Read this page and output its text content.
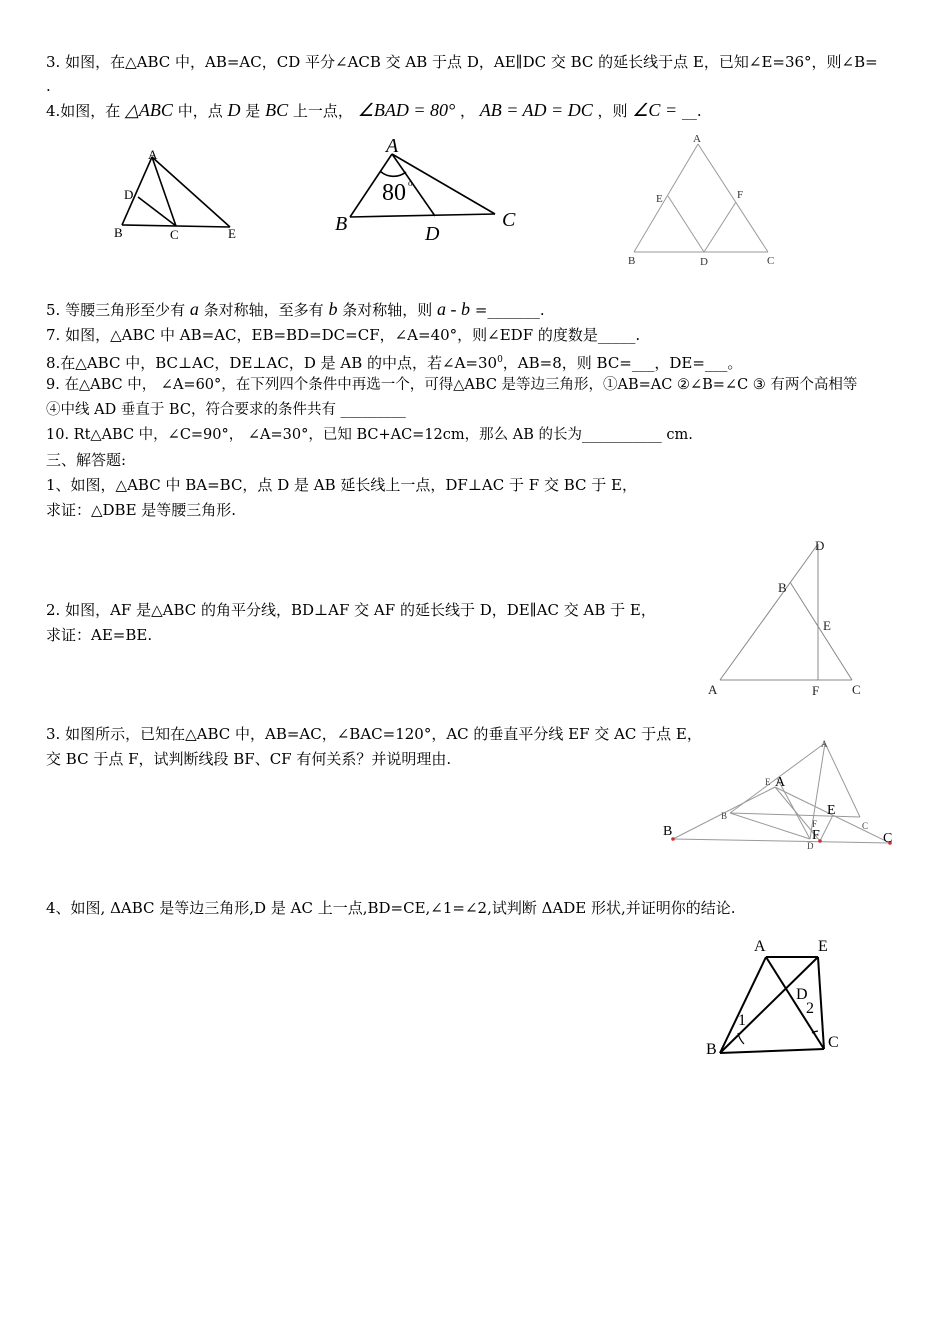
3. 如图，在△ABC 中，AB=AC，CD 平分∠ACB 交 AB 于点 D，AE∥DC 交 BC 的延长线于点 E，已知∠E=36°，则∠B=
.
4.如图，在 △ABC 中，点 D 是 BC 上一点， ∠BAD = 80° ， AB = AD = DC ，则 ∠C = __.
A
D
B	C	E
A
B	D
C
80 o
A
E	F
B	D	C
5. 等腰三角形至少有 a 条对称轴，至多有 b 条对称轴，则 a - b =_______.
7. 如图，△ABC 中 AB=AC，EB=BD=DC=CF，∠A=40°，则∠EDF 的度数是_____.
8.在△ABC 中，BC⊥AC，DE⊥AC，D 是 AB 的中点，若$\angle A=30^0$，AB=8，则 BC=___，DE=___。
9. 在△ABC 中， ∠A=60°，在下列四个条件中再选一个，可得△ABC 是等边三角形，①AB=AC ②∠B=∠C ③ 有两个高相等
④中线 AD 垂直于 BC，符合要求的条件共有 _________
10. Rt△ABC 中，∠C=90°， ∠A=30°，已知 BC+AC=12cm，那么 AB 的长为___________ cm.
三、解答题:
1、如图，△ABC 中 BA=BC，点 D 是 AB 延长线上一点，DF⊥AC 于 F 交 BC 于 E，
求证：△DBE 是等腰三角形.
D
B
E
A	F	C
2. 如图，AF 是△ABC 的角平分线，BD⊥AF 交 AF 的延长线于 D，DE∥AC 交 AB 于 E，
求证：AE=BE.
3. 如图所示，已知在△ABC 中，AB=AC，∠BAC=120°，AC 的垂直平分线 EF 交 AC 于点 E，
交 BC 于点 F，试判断线段 BF、CF 有何关系？并说明理由.
A
E
B
F	C
D
A
E
B	F	C
4、如图, ΔABC 是等边三角形,D 是 AC 上一点,BD=CE,∠1=∠2,试判断 ΔADE 形状,并证明你的结论.
A	E
D
B	C
1
2
